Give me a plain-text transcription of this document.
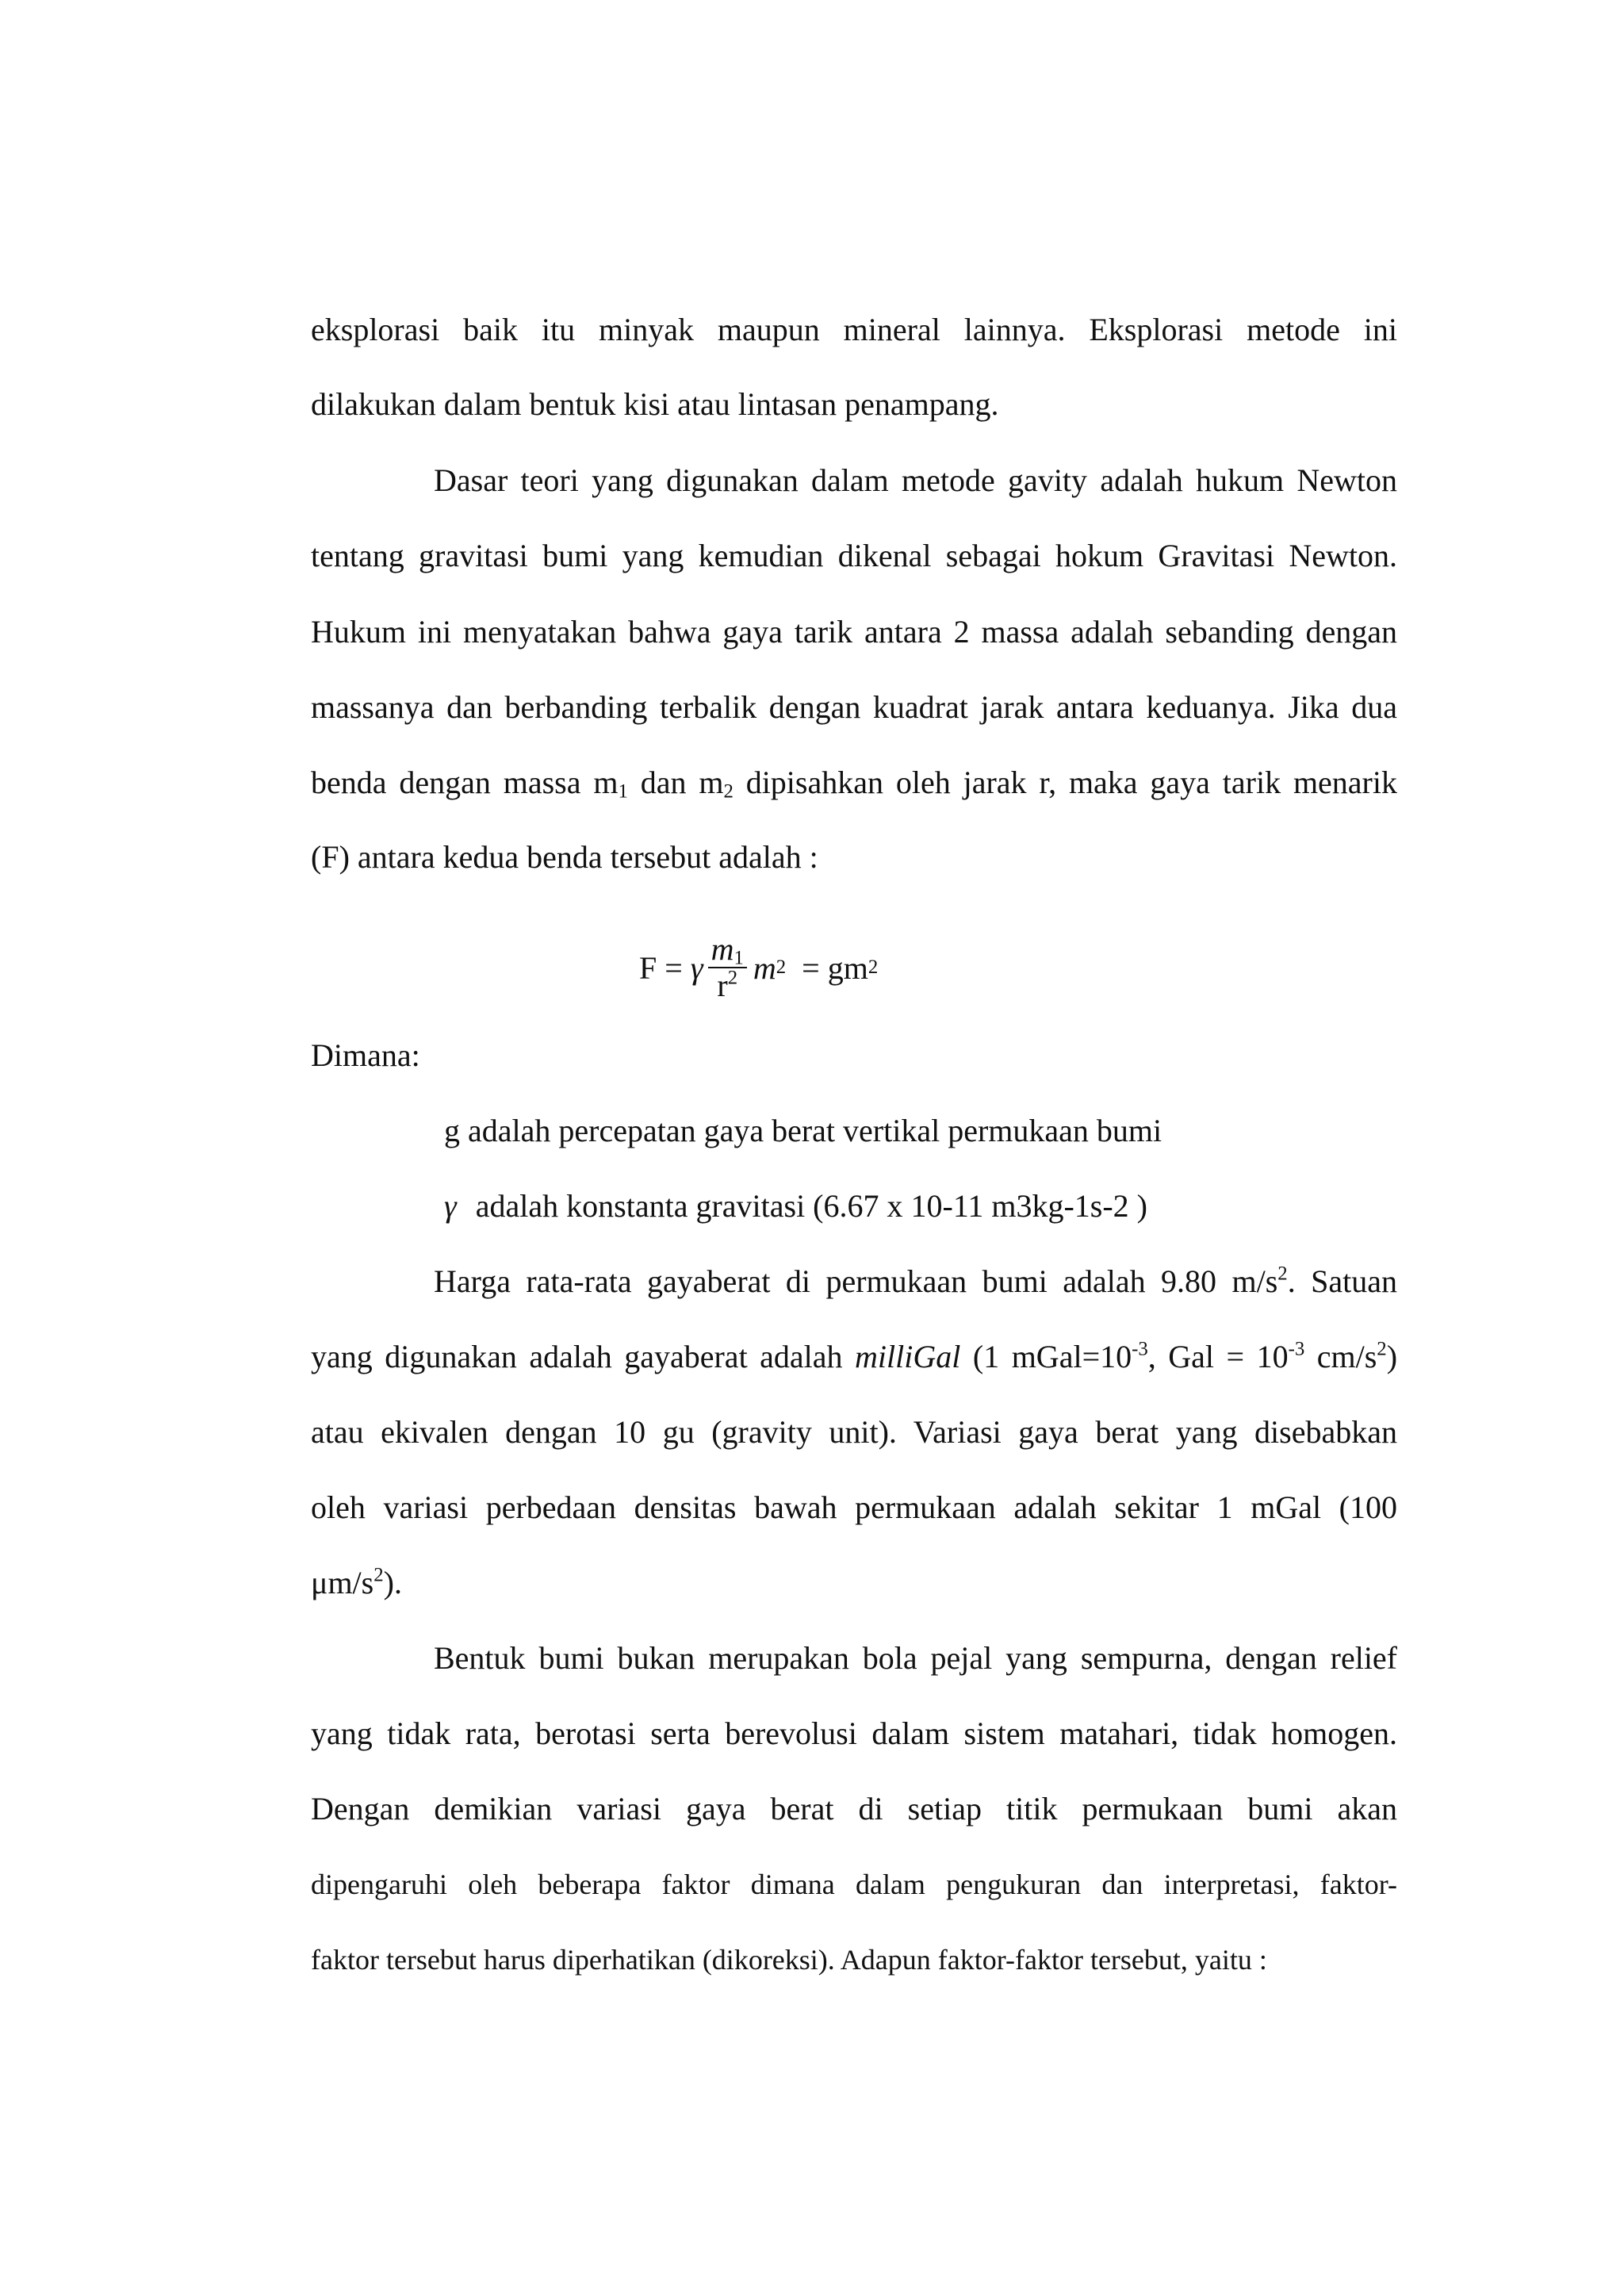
eksplorasi baik itu minyak maupun mineral lainnya. Eksplorasi metode ini
dilakukan dalam bentuk kisi atau lintasan penampang.
Dasar teori yang digunakan dalam metode gavity adalah hukum Newton
tentang gravitasi bumi yang kemudian dikenal sebagai hokum Gravitasi Newton.
Hukum ini menyatakan bahwa gaya tarik antara 2 massa adalah sebanding dengan
massanya dan berbanding terbalik dengan kuadrat jarak antara keduanya. Jika dua
benda dengan massa $m_1$ dan $m_2$ dipisahkan oleh jarak r, maka gaya tarik menarik
(F) antara kedua benda tersebut adalah :
F = γ $\frac{m_1}{r^2}$ m 2 = gm 2
Dimana:
g adalah percepatan gaya berat vertikal permukaan bumi
γ adalah konstanta gravitasi (6.67 x 10-11 m3kg-1s-2 )
Harga rata-rata gayaberat di permukaan bumi adalah 9.80 $m/s^2$. Satuan
yang digunakan adalah gayaberat adalah milliGal (1 $mGal=10^{-3}$, Gal = $10^{-3}$ $cm/s^2$)
atau ekivalen dengan 10 gu (gravity unit). Variasi gaya berat yang disebabkan
oleh variasi perbedaan densitas bawah permukaan adalah sekitar 1 mGal (100
$\mu m/s^2$).
Bentuk bumi bukan merupakan bola pejal yang sempurna, dengan relief
yang tidak rata, berotasi serta berevolusi dalam sistem matahari, tidak homogen.
Dengan demikian variasi gaya berat di setiap titik permukaan bumi akan
dipengaruhi oleh beberapa faktor dimana dalam pengukuran dan interpretasi, faktor-
faktor tersebut harus diperhatikan (dikoreksi). Adapun faktor-faktor tersebut, yaitu :
